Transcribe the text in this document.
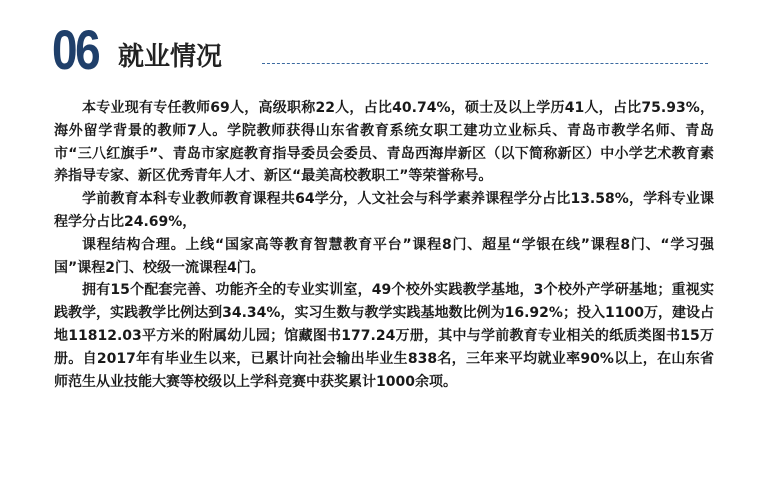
06 就业情况

本专业现有专任教师69人，高级职称22人，占比40.74%，硕士及以上学历41人，占比75.93%，海外留学背景的教师7人。学院教师获得山东省教育系统女职工建功立业标兵、青岛市教学名师、青岛市“三八红旗手”、青岛市家庭教育指导委员会委员、青岛西海岸新区（以下简称新区）中小学艺术教育素养指导专家、新区优秀青年人才、新区“最美高校教职工”等荣誉称号。

学前教育本科专业教师教育课程共64学分，人文社会与科学素养课程学分占比13.58%，学科专业课程学分占比24.69%，

课程结构合理。上线“国家高等教育智慧教育平台”课程8门、超星“学银在线”课程8门、“学习强国”课程2门、校级一流课程4门。

拥有15个配套完善、功能齐全的专业实训室，49个校外实践教学基地，3个校外产学研基地；重视实践教学，实践教学比例达到34.34%，实习生数与教学实践基地数比例为16.92%；投入1100万，建设占地11812.03平方米的附属幼儿园；馆藏图书177.24万册，其中与学前教育专业相关的纸质类图书15万册。自2017年有毕业生以来，已累计向社会输出毕业生838名，三年来平均就业率90%以上，在山东省师范生从业技能大赛等校级以上学科竞赛中获奖累计1000余项。
